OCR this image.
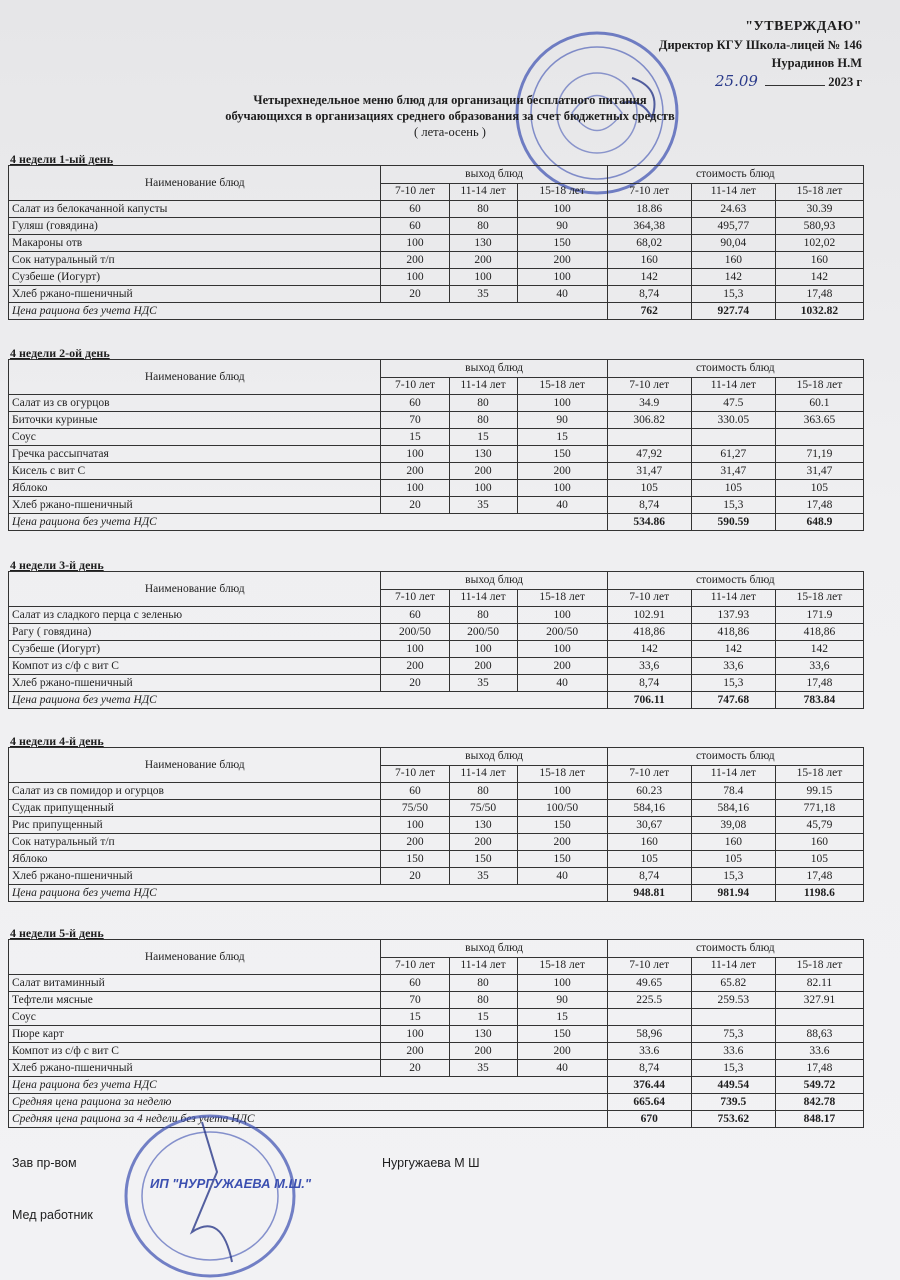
"УТВЕРЖДАЮ"
Директор КГУ Школа-лицей № 146
Нурадинов Н.М
25.09	2023 г
Четырехнедельное меню блюд для организации бесплатного питания
обучающихся в организациях среднего образования за счет бюджетных средств
( лета-осень )
4 недели 1-ый день
Наименование блюд	выход блюд			стоимость блюд		
	7-10 лет	11-14 лет	15-18 лет	7-10 лет	11-14 лет	15-18 лет
Салат из белокачанной капусты	60	80	100	18.86	24.63	30.39
Гуляш (говядина)	60	80	90	364,38	495,77	580,93
Макароны отв	100	130	150	68,02	90,04	102,02
Сок натуральный т/п	200	200	200	160	160	160
Сузбеше (Иогурт)	100	100	100	142	142	142
Хлеб ржано-пшеничный	20	35	40	8,74	15,3	17,48
Цена рациона без учета НДС				762	927.74	1032.82
4 недели 2-ой день
Наименование блюд	выход блюд			стоимость блюд		
	7-10 лет	11-14 лет	15-18 лет	7-10 лет	11-14 лет	15-18 лет
Салат из св огурцов	60	80	100	34.9	47.5	60.1
Биточки куриные	70	80	90	306.82	330.05	363.65
Соус	15	15	15			
Гречка рассыпчатая	100	130	150	47,92	61,27	71,19
Кисель с вит С	200	200	200	31,47	31,47	31,47
Яблоко	100	100	100	105	105	105
Хлеб ржано-пшеничный	20	35	40	8,74	15,3	17,48
Цена рациона без учета НДС				534.86	590.59	648.9
4 недели 3-й день
Наименование блюд	выход блюд			стоимость блюд		
	7-10 лет	11-14 лет	15-18 лет	7-10 лет	11-14 лет	15-18 лет
Салат из сладкого перца с зеленью	60	80	100	102.91	137.93	171.9
Рагу ( говядина)	200/50	200/50	200/50	418,86	418,86	418,86
Сузбеше (Иогурт)	100	100	100	142	142	142
Компот из с/ф с вит С	200	200	200	33,6	33,6	33,6
Хлеб ржано-пшеничный	20	35	40	8,74	15,3	17,48
Цена рациона без учета НДС				706.11	747.68	783.84
4 недели 4-й день
Наименование блюд	выход блюд			стоимость блюд		
	7-10 лет	11-14 лет	15-18 лет	7-10 лет	11-14 лет	15-18 лет
Салат из св помидор и огурцов	60	80	100	60.23	78.4	99.15
Судак припущенный	75/50	75/50	100/50	584,16	584,16	771,18
Рис припущенный	100	130	150	30,67	39,08	45,79
Сок натуральный т/п	200	200	200	160	160	160
Яблоко	150	150	150	105	105	105
Хлеб ржано-пшеничный	20	35	40	8,74	15,3	17,48
Цена рациона без учета НДС				948.81	981.94	1198.6
4 недели 5-й день
Наименование блюд	выход блюд			стоимость блюд		
	7-10 лет	11-14 лет	15-18 лет	7-10 лет	11-14 лет	15-18 лет
Салат витаминный	60	80	100	49.65	65.82	82.11
Тефтели мясные	70	80	90	225.5	259.53	327.91
Соус	15	15	15			
Пюре карт	100	130	150	58,96	75,3	88,63
Компот из с/ф с вит С	200	200	200	33.6	33.6	33.6
Хлеб ржано-пшеничный	20	35	40	8,74	15,3	17,48
Цена рациона без учета НДС				376.44	449.54	549.72
Средняя цена рациона за неделю				665.64	739.5	842.78
Средняя цена рациона за 4 недели без учета НДС				670	753.62	848.17
Зав пр-вом	Нургужаева М Ш
Мед работник
ИП "НУРГУЖАЕВА М.Ш."
